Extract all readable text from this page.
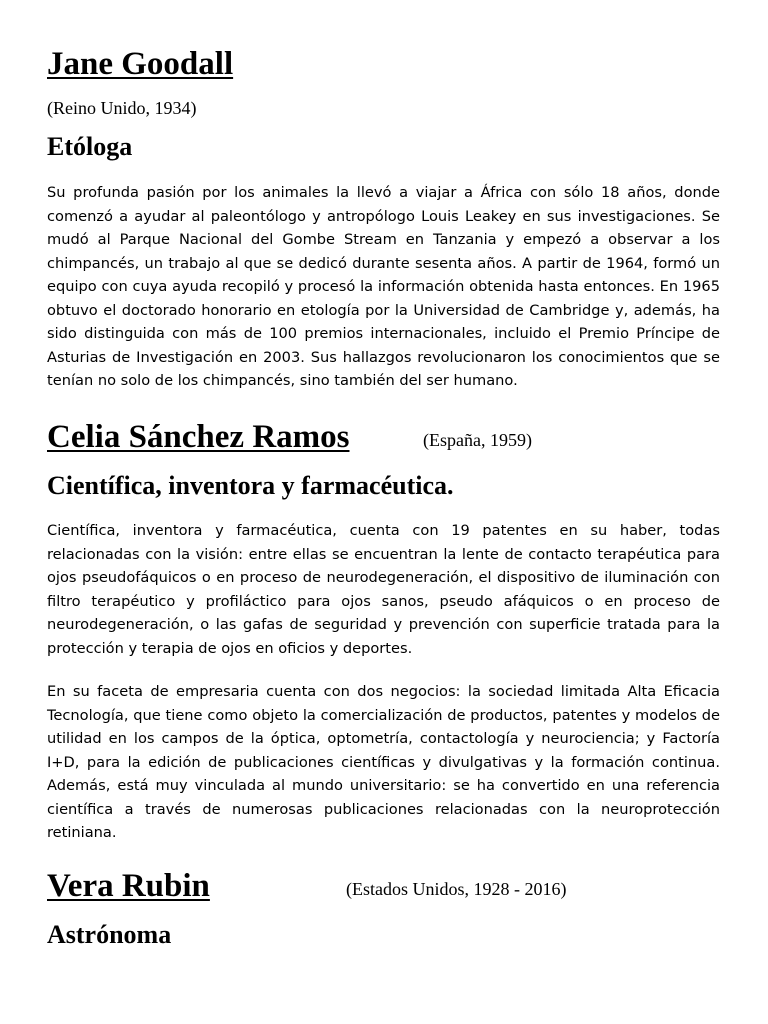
Jane Goodall
(Reino Unido, 1934)
Etóloga

Su profunda pasión por los animales la llevó a viajar a África con sólo 18 años, donde comenzó a ayudar al paleontólogo y antropólogo Louis Leakey en sus investigaciones. Se mudó al Parque Nacional del Gombe Stream en Tanzania y empezó a observar a los chimpancés, un trabajo al que se dedicó durante sesenta años. A partir de 1964, formó un equipo con cuya ayuda recopiló y procesó la información obtenida hasta entonces. En 1965 obtuvo el doctorado honorario en etología por la Universidad de Cambridge y, además, ha sido distinguida con más de 100 premios internacionales, incluido el Premio Príncipe de Asturias de Investigación en 2003. Sus hallazgos revolucionaron los conocimientos que se tenían no solo de los chimpancés, sino también del ser humano.

Celia Sánchez Ramos	(España, 1959)
Científica, inventora y farmacéutica.

Científica, inventora y farmacéutica, cuenta con 19 patentes en su haber, todas relacionadas con la visión: entre ellas se encuentran la lente de contacto terapéutica para ojos pseudofáquicos o en proceso de neurodegeneración, el dispositivo de iluminación con filtro terapéutico y profiláctico para ojos sanos, pseudo afáquicos o en proceso de neurodegeneración, o las gafas de seguridad y prevención con superficie tratada para la protección y terapia de ojos en oficios y deportes.

En su faceta de empresaria cuenta con dos negocios: la sociedad limitada Alta Eficacia Tecnología, que tiene como objeto la comercialización de productos, patentes y modelos de utilidad en los campos de la óptica, optometría, contactología y neurociencia; y Factoría I+D, para la edición de publicaciones científicas y divulgativas y la formación continua. Además, está muy vinculada al mundo universitario: se ha convertido en una referencia científica a través de numerosas publicaciones relacionadas con la neuroprotección retiniana.

Vera Rubin	(Estados Unidos, 1928 - 2016)
Astrónoma
